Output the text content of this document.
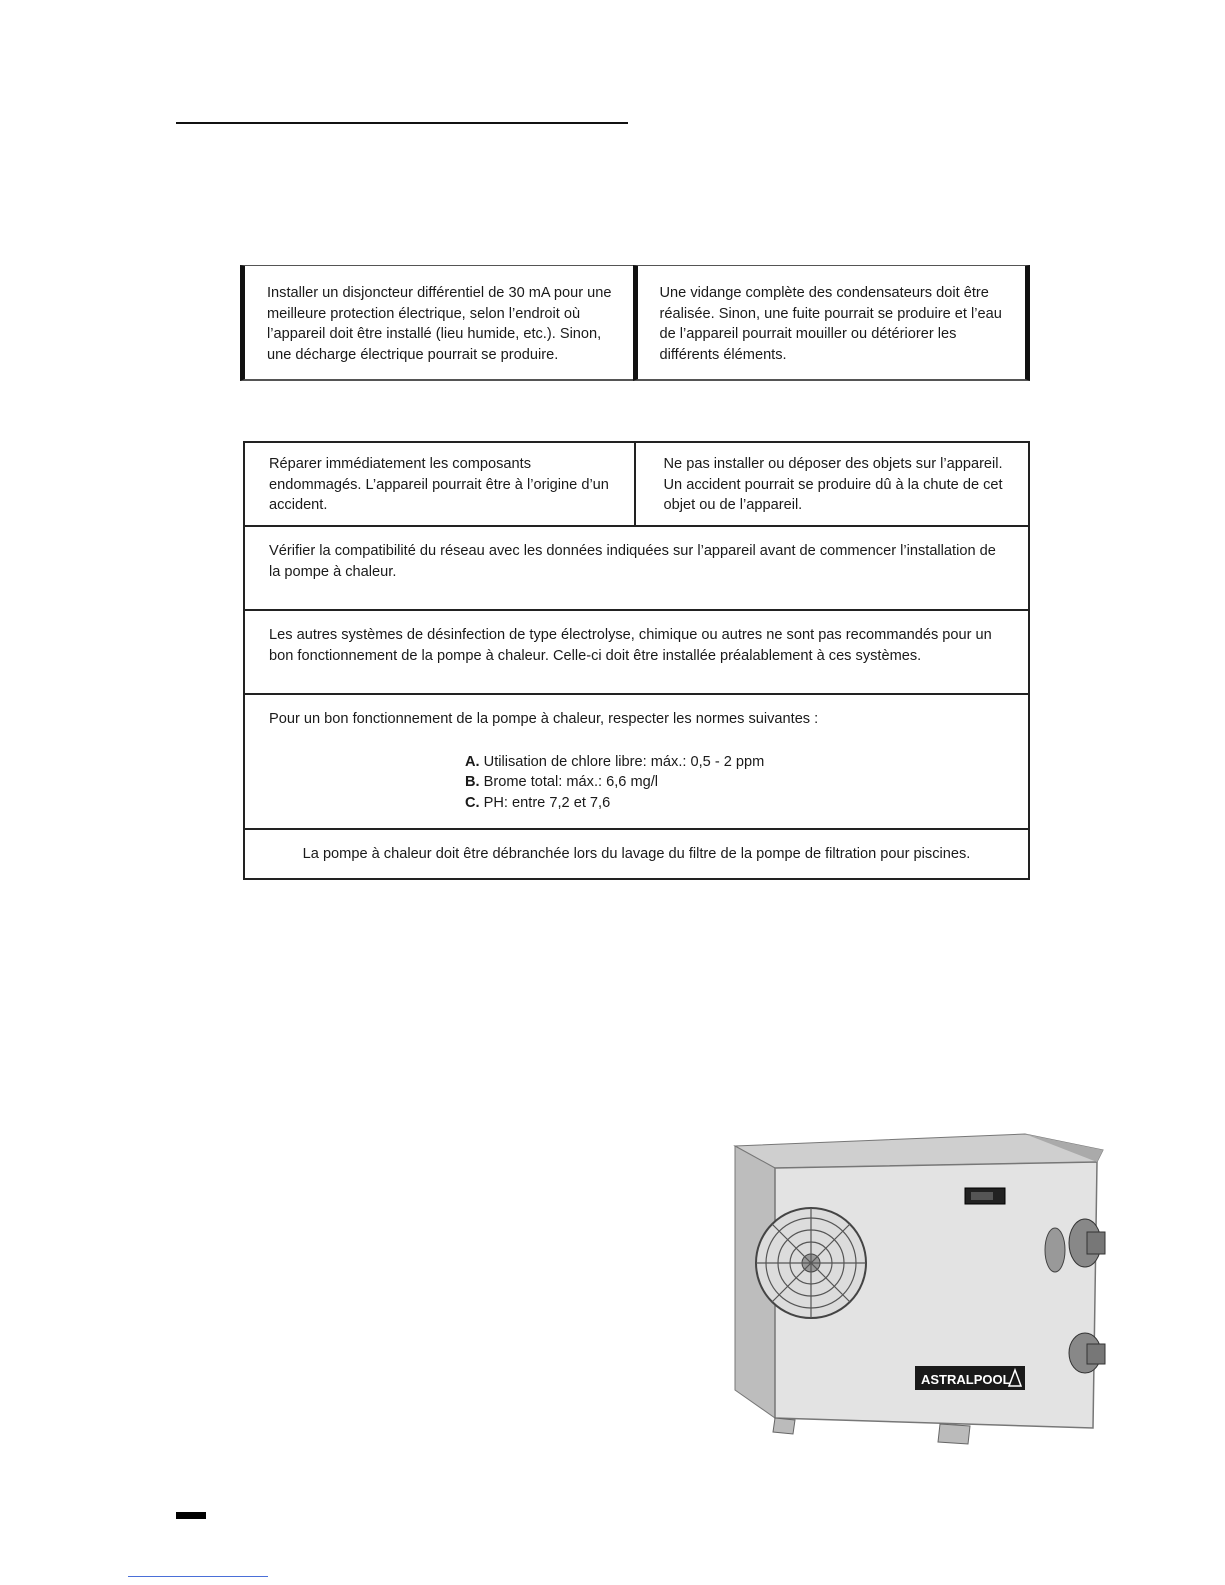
Installer un disjoncteur différentiel de 30 mA pour une meilleure protection électrique, selon l’endroit où l’appareil doit être installé (lieu humide, etc.). Sinon, une décharge électrique pourrait se produire.
Une vidange complète des condensateurs doit être réalisée. Sinon, une fuite pourrait se produire et l’eau de l’appareil pourrait mouiller ou détériorer les différents éléments.
Réparer immédiatement les composants endommagés. L’appareil pourrait être à l’origine d’un accident.
Ne pas installer ou déposer des objets sur l’appareil. Un accident pourrait se produire dû à la chute de cet objet ou de l’appareil.
Vérifier la compatibilité du réseau avec les données indiquées sur l’appareil avant de commencer l’installation de la pompe à chaleur.
Les autres systèmes de désinfection de type électrolyse, chimique ou autres ne sont pas recommandés pour un bon fonctionnement de la pompe à chaleur. Celle-ci doit être installée préalablement à ces systèmes.
Pour un bon fonctionnement de la pompe à chaleur, respecter les normes suivantes :
A. Utilisation de chlore libre: máx.: 0,5 - 2 ppm
B. Brome total: máx.: 6,6 mg/l
C. PH: entre 7,2 et 7,6
La pompe à chaleur doit être débranchée lors du lavage du filtre de la pompe de filtration pour piscines.
ASTRALPOOL
